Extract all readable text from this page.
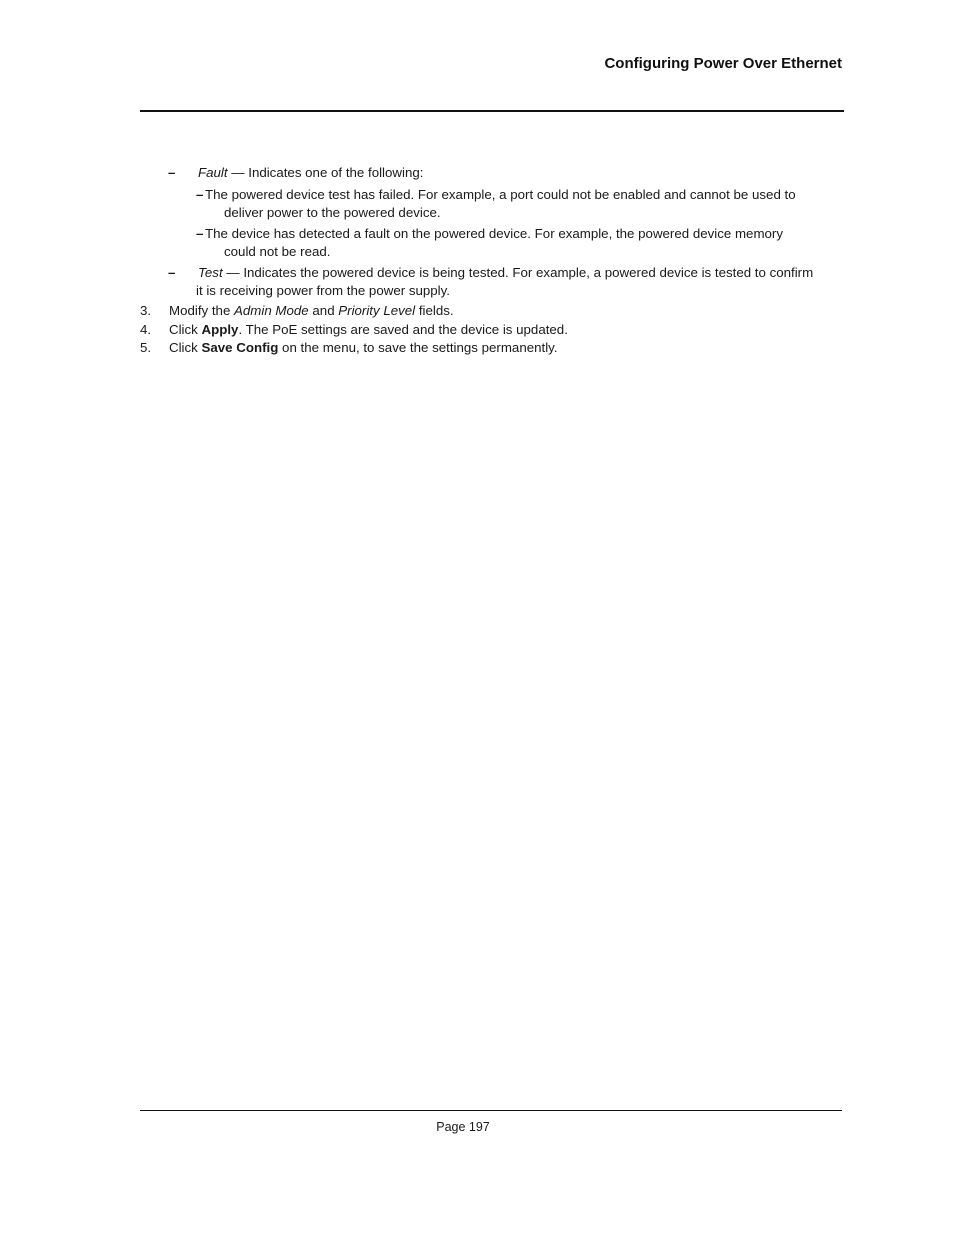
Configuring Power Over Ethernet
– Fault — Indicates one of the following:
– The powered device test has failed. For example, a port could not be enabled and cannot be used to
deliver power to the powered device.
– The device has detected a fault on the powered device. For example, the powered device memory
could not be read.
– Test — Indicates the powered device is being tested. For example, a powered device is tested to confirm
it is receiving power from the power supply.
3. Modify the Admin Mode and Priority Level fields.
4. Click Apply. The PoE settings are saved and the device is updated.
5. Click Save Config on the menu, to save the settings permanently.
Page 197
